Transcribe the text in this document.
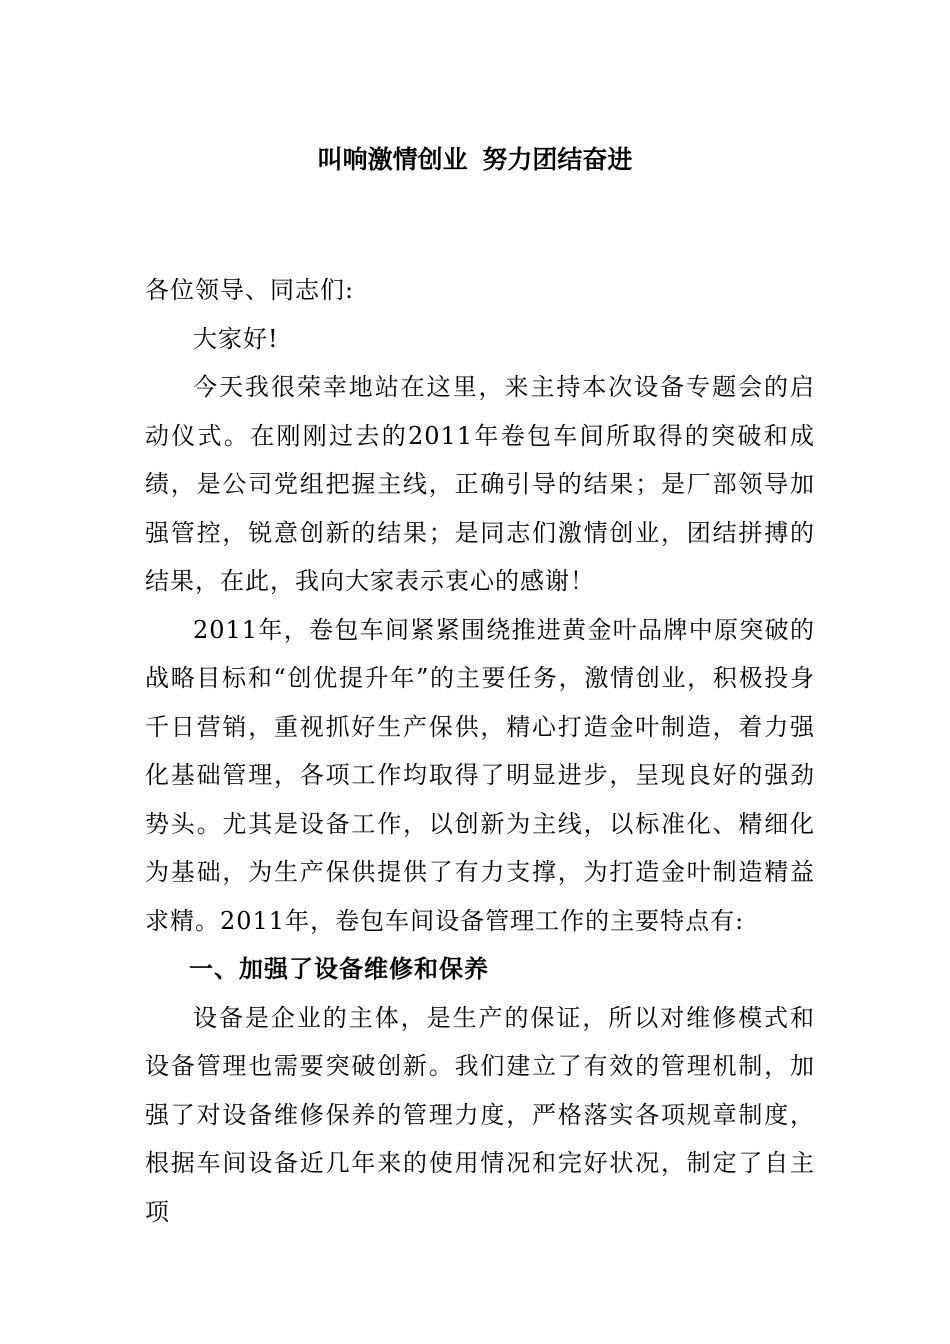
叫响激情创业 努力团结奋进

各位领导、同志们:

大家好!

今天我很荣幸地站在这里，来主持本次设备专题会的启动仪式。在刚刚过去的2011年卷包车间所取得的突破和成绩，是公司党组把握主线，正确引导的结果；是厂部领导加强管控，锐意创新的结果；是同志们激情创业，团结拼搏的结果，在此，我向大家表示衷心的感谢！

2011年，卷包车间紧紧围绕推进黄金叶品牌中原突破的战略目标和“创优提升年”的主要任务，激情创业，积极投身千日营销，重视抓好生产保供，精心打造金叶制造，着力强化基础管理，各项工作均取得了明显进步，呈现良好的强劲势头。尤其是设备工作，以创新为主线，以标准化、精细化为基础，为生产保供提供了有力支撑，为打造金叶制造精益求精。2011年，卷包车间设备管理工作的主要特点有:

一、加强了设备维修和保养

设备是企业的主体，是生产的保证，所以对维修模式和设备管理也需要突破创新。我们建立了有效的管理机制，加强了对设备维修保养的管理力度，严格落实各项规章制度，根据车间设备近几年来的使用情况和完好状况，制定了自主项
